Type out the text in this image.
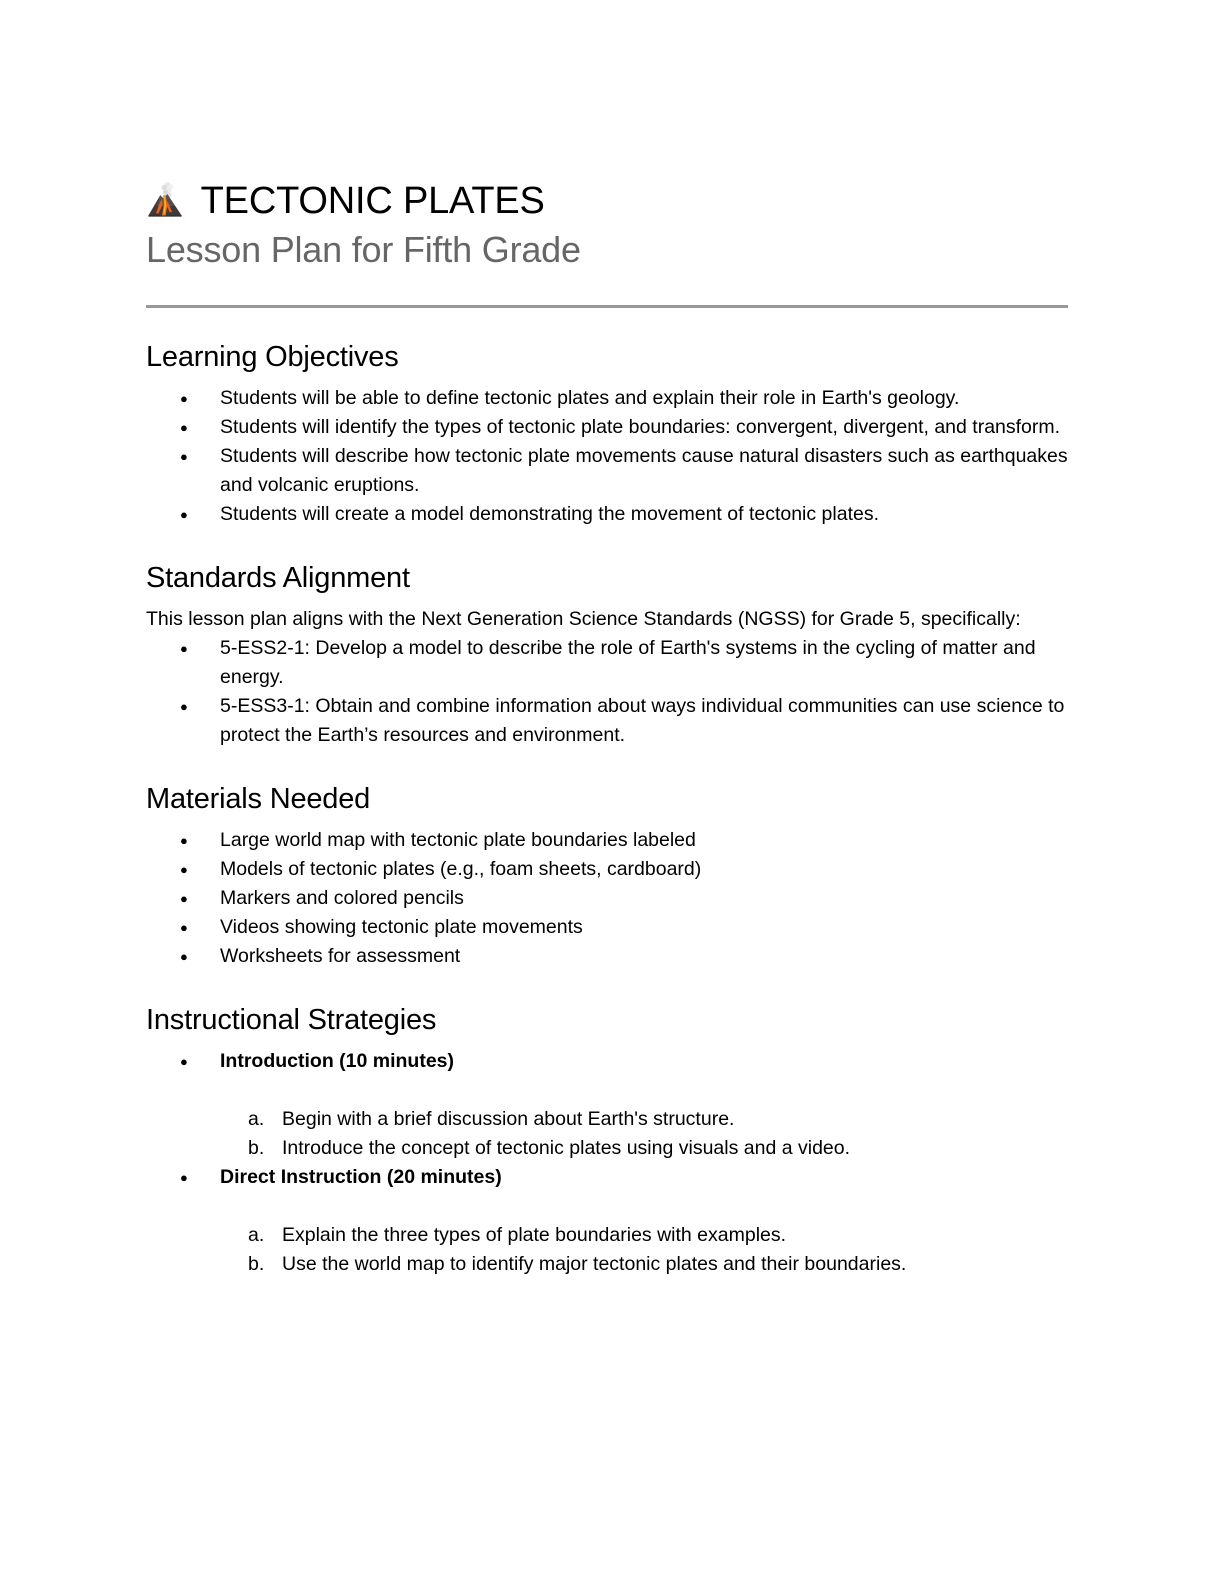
TECTONIC PLATES
Lesson Plan for Fifth Grade
Learning Objectives
● Students will be able to define tectonic plates and explain their role in Earth's geology.
● Students will identify the types of tectonic plate boundaries: convergent, divergent, and transform.
● Students will describe how tectonic plate movements cause natural disasters such as earthquakes and volcanic eruptions.
● Students will create a model demonstrating the movement of tectonic plates.
Standards Alignment

This lesson plan aligns with the Next Generation Science Standards (NGSS) for Grade 5, specifically:

● 5-ESS2-1: Develop a model to describe the role of Earth's systems in the cycling of matter and energy.
● 5-ESS3-1: Obtain and combine information about ways individual communities can use science to protect the Earth’s resources and environment.
Materials Needed
● Large world map with tectonic plate boundaries labeled
● Models of tectonic plates (e.g., foam sheets, cardboard)
● Markers and colored pencils
● Videos showing tectonic plate movements
● Worksheets for assessment
Instructional Strategies
● Introduction (10 minutes)
a. Begin with a brief discussion about Earth's structure.
b. Introduce the concept of tectonic plates using visuals and a video.
● Direct Instruction (20 minutes)
a. Explain the three types of plate boundaries with examples.
b. Use the world map to identify major tectonic plates and their boundaries.
